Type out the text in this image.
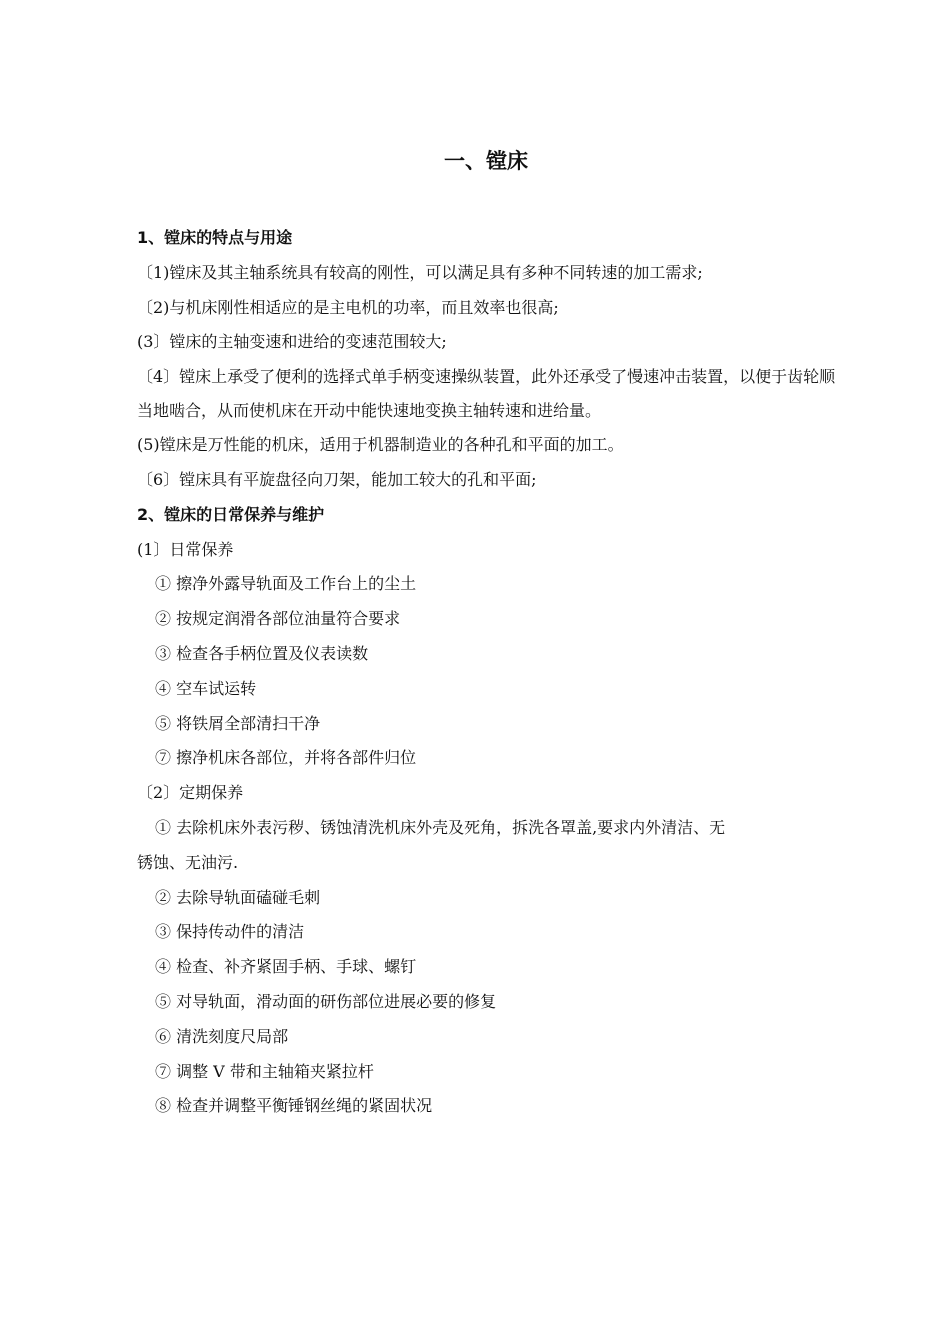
一、镗床
1、镗床的特点与用途
〔1)镗床及其主轴系统具有较高的刚性，可以满足具有多种不同转速的加工需求;
〔2)与机床刚性相适应的是主电机的功率，而且效率也很高;
(3〕镗床的主轴变速和进给的变速范围较大;
〔4〕镗床上承受了便利的选择式单手柄变速操纵装置，此外还承受了慢速冲击装置，以便于齿轮顺当地啮合，从而使机床在开动中能快速地变换主轴转速和进给量。
(5)镗床是万性能的机床，适用于机器制造业的各种孔和平面的加工。
〔6〕镗床具有平旋盘径向刀架，能加工较大的孔和平面;
2、镗床的日常保养与维护
(1〕日常保养
① 擦净外露导轨面及工作台上的尘土
② 按规定润滑各部位油量符合要求
③ 检查各手柄位置及仪表读数
④ 空车试运转
⑤ 将铁屑全部清扫干净
⑦ 擦净机床各部位，并将各部件归位
〔2〕定期保养
① 去除机床外表污秽、锈蚀清洗机床外壳及死角，拆洗各罩盖,要求内外清洁、无
锈蚀、无油污.
② 去除导轨面磕碰毛刺
③ 保持传动件的清洁
④ 检查、补齐紧固手柄、手球、螺钉
⑤ 对导轨面，滑动面的研伤部位进展必要的修复
⑥ 清洗刻度尺局部
⑦ 调整 V 带和主轴箱夹紧拉杆
⑧ 检查并调整平衡锤钢丝绳的紧固状况
